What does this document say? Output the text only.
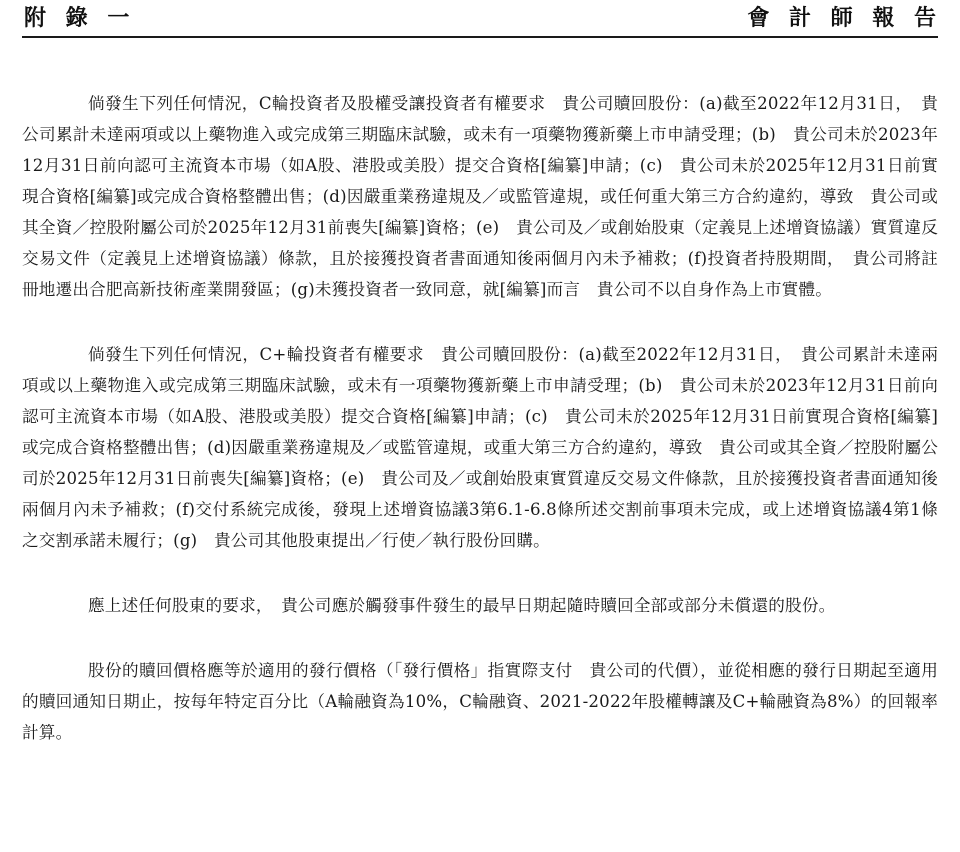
附 錄 一	會 計 師 報 告

倘發生下列任何情況，C輪投資者及股權受讓投資者有權要求　貴公司贖回股份：(a)截至2022年12月31日，　貴公司累計未達兩項或以上藥物進入或完成第三期臨床試驗，或未有一項藥物獲新藥上市申請受理；(b)　貴公司未於2023年12月31日前向認可主流資本市場（如A股、港股或美股）提交合資格[編纂]申請；(c)　貴公司未於2025年12月31日前實現合資格[編纂]或完成合資格整體出售；(d)因嚴重業務違規及／或監管違規，或任何重大第三方合約違約，導致　貴公司或其全資／控股附屬公司於2025年12月31前喪失[編纂]資格；(e)　貴公司及／或創始股東（定義見上述增資協議）實質違反交易文件（定義見上述增資協議）條款，且於接獲投資者書面通知後兩個月內未予補救；(f)投資者持股期間，　貴公司將註冊地遷出合肥高新技術產業開發區；(g)未獲投資者一致同意，就[編纂]而言　貴公司不以自身作為上市實體。

倘發生下列任何情況，C+輪投資者有權要求　貴公司贖回股份：(a)截至2022年12月31日，　貴公司累計未達兩項或以上藥物進入或完成第三期臨床試驗，或未有一項藥物獲新藥上市申請受理；(b)　貴公司未於2023年12月31日前向認可主流資本市場（如A股、港股或美股）提交合資格[編纂]申請；(c)　貴公司未於2025年12月31日前實現合資格[編纂]或完成合資格整體出售；(d)因嚴重業務違規及／或監管違規，或重大第三方合約違約，導致　貴公司或其全資／控股附屬公司於2025年12月31日前喪失[編纂]資格；(e)　貴公司及／或創始股東實質違反交易文件條款，且於接獲投資者書面通知後兩個月內未予補救；(f)交付系統完成後，發現上述增資協議3第6.1-6.8條所述交割前事項未完成，或上述增資協議4第1條之交割承諾未履行；(g)　貴公司其他股東提出／行使／執行股份回購。

應上述任何股東的要求，　貴公司應於觸發事件發生的最早日期起隨時贖回全部或部分未償還的股份。

股份的贖回價格應等於適用的發行價格（「發行價格」指實際支付　貴公司的代價），並從相應的發行日期起至適用的贖回通知日期止，按每年特定百分比（A輪融資為10%，C輪融資、2021-2022年股權轉讓及C+輪融資為8%）的回報率計算。
